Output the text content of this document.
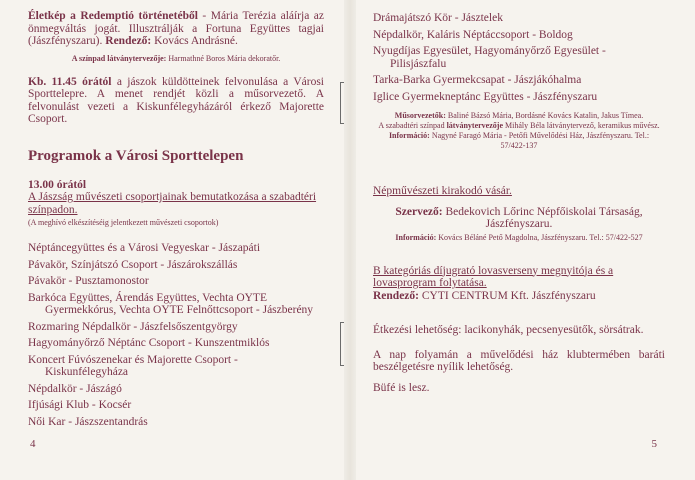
Életkép a Redemptió történetéből - Mária Terézia aláírja az önmegváltás jogát. Illusztrálják a Fortuna Együttes tagjai (Jászfényszaru). Rendező: Kovács Andrásné.

A színpad látványtervezője: Harmathné Boros Mária dekoratőr.

Kb. 11.45 órától a jászok küldötteinek felvonulása a Városi Sporttelepre. A menet rendjét közli a műsorvezető. A felvonulást vezeti a Kiskunfélegyházáról érkező Majorette Csoport.

Programok a Városi Sporttelepen

13.00 órától

A Jászság művészeti csoportjainak bemutatkozása a szabadtéri színpadon.

(A meghívó elkészítéséig jelentkezett művészeti csoportok)

Néptáncegyüttes és a Városi Vegyeskar - Jászapáti
Pávakör, Színjátszó Csoport - Jászárokszállás
Pávakör - Pusztamonostor
Barkóca Együttes, Árendás Együttes, Vechta OYTE
Gyermekkórus, Vechta OYTE Felnőttcsoport - Jászberény
Rozmaring Népdalkör - Jászfelsőszentgyörgy
Hagyományőrző Néptánc Csoport - Kunszentmiklós
Koncert Fúvószenekar és Majorette Csoport -
Kiskunfélegyháza
Népdalkör - Jászágó
Ifjúsági Klub - Kocsér
Női Kar - Jászszentandrás
4
Drámajátszó Kör - Jásztelek
Népdalkör, Kaláris Néptáccsoport - Boldog
Nyugdíjas Egyesület, Hagyományőrző Egyesület -
Pilisjászfalu
Tarka-Barka Gyermekcsapat - Jászjákóhalma
Iglice Gyermekneptánc Együttes - Jászfényszaru

Műsorvezetők: Baliné Bázsó Mária, Bordásné Kovács Katalin, Jakus Tímea.

A szabadtéri színpad látványtervezője Mihály Béla látványtervező, keramikus művész.

Információ: Nagyné Faragó Mária - Petőfi Művelődési Ház, Jászfényszaru. Tel.: 57/422-137

Népművészeti kirakodó vásár.

Szervező: Bedekovich Lőrinc Népfőiskolai Társaság, Jászfényszaru.

Információ: Kovács Béláné Pető Magdolna, Jászfényszaru. Tel.: 57/422-527

B kategóriás díjugrató lovasverseny megnyitója és a lovasprogram folytatása.

Rendező: CYTI CENTRUM Kft. Jászfényszaru

Étkezési lehetőség: lacikonyhák, pecsenyesütők, sörsátrak.

A nap folyamán a művelődési ház klubtermében baráti beszélgetésre nyílik lehetőség.

Büfé is lesz.

5
